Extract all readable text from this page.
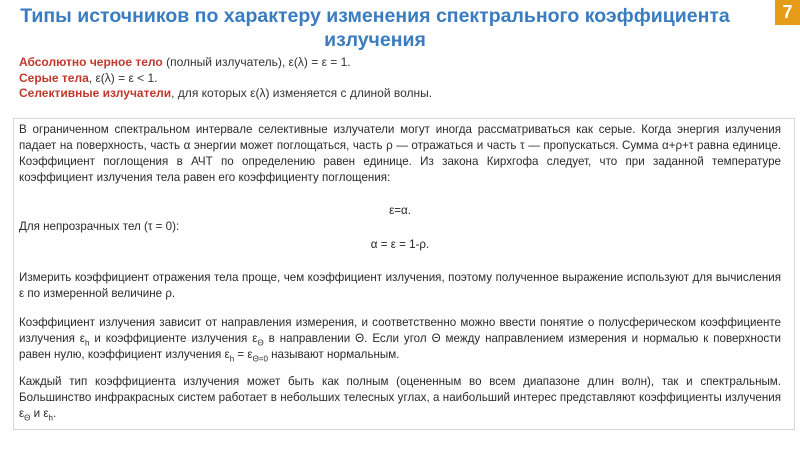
Типы источников по характеру изменения спектрального коэффициента излучения
7

Абсолютно черное тело (полный излучатель), ε(λ) = ε = 1.

Серые тела, ε(λ) = ε < 1.

Селективные излучатели, для которых ε(λ) изменяется с длиной волны.

В ограниченном спектральном интервале селективные излучатели могут иногда рассматриваться как серые. Когда энергия излучения падает на поверхность, часть α энергии может поглощаться, часть ρ — отражаться и часть τ — пропускаться. Сумма α+ρ+τ равна единице. Коэффициент поглощения в АЧТ по определению равен единице. Из закона Кирхгофа следует, что при заданной температуре коэффициент излучения тела равен его коэффициенту поглощения:

ε=α.

Для непрозрачных тел (τ = 0):

α = ε = 1-ρ.

Измерить коэффициент отражения тела проще, чем коэффициент излучения, поэтому полученное выражение используют для вычисления ε по измеренной величине ρ.

Коэффициент излучения зависит от направления измерения, и соответственно можно ввести понятие о полусферическом коэффициенте излучения $\varepsilon_h$ и коэффициенте излучения $\varepsilon_\Theta$ в направлении Θ. Если угол Θ между направлением измерения и нормалью к поверхности равен нулю, коэффициент излучения $\varepsilon_h = \varepsilon_{\Theta=0}$ называют нормальным.

Каждый тип коэффициента излучения может быть как полным (оцененным во всем диапазоне длин волн), так и спектральным. Большинство инфракрасных систем работает в небольших телесных углах, а наибольший интерес представляют коэффициенты излучения $\varepsilon_\Theta$ и $\varepsilon_h$.
